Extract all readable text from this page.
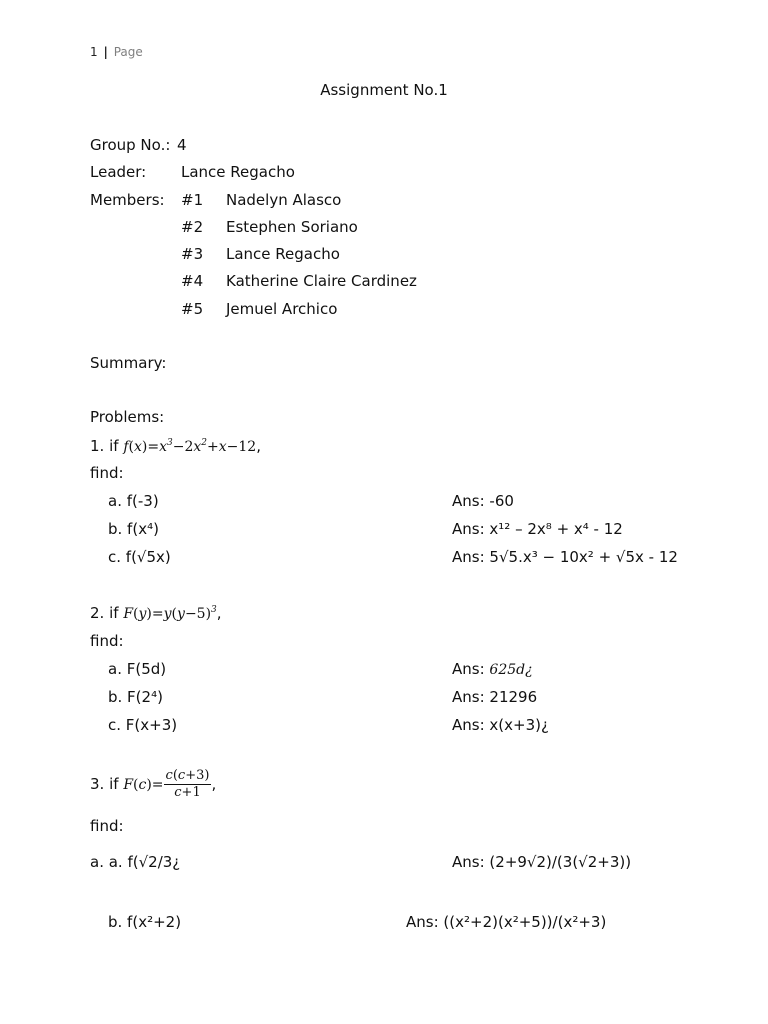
1 | Page
Assignment No.1
Group No.: 4
Leader: Lance Regacho
Members: #1 Nadelyn Alasco
#2 Estephen Soriano
#3 Lance Regacho
#4 Katherine Claire Cardinez
#5 Jemuel Archico
Summary:
Problems:
1. if $f(x)=x^3-2x^2+x-12$,
find:
a. f(-3)	Ans: -60
b. f(x⁴)	Ans: x¹² – 2x⁸ + x⁴ - 12
c. f(√5x)	Ans: 5√5.x³ − 10x² + √5x - 12
2. if $F(y)=y(y-5)^3$,
find:
a. F(5d)	Ans: 625d¿
b. F(2⁴)	Ans: 21296
c. F(x+3)	Ans: x(x+3)¿
3. if $F(c)= \frac{c(c+3)}{c+1}$ ,
find:
a. a. f(√2/3¿	Ans: (2+9√2)/(3(√2+3))
b. f(x²+2)	Ans: ((x²+2)(x²+5))/(x²+3)
